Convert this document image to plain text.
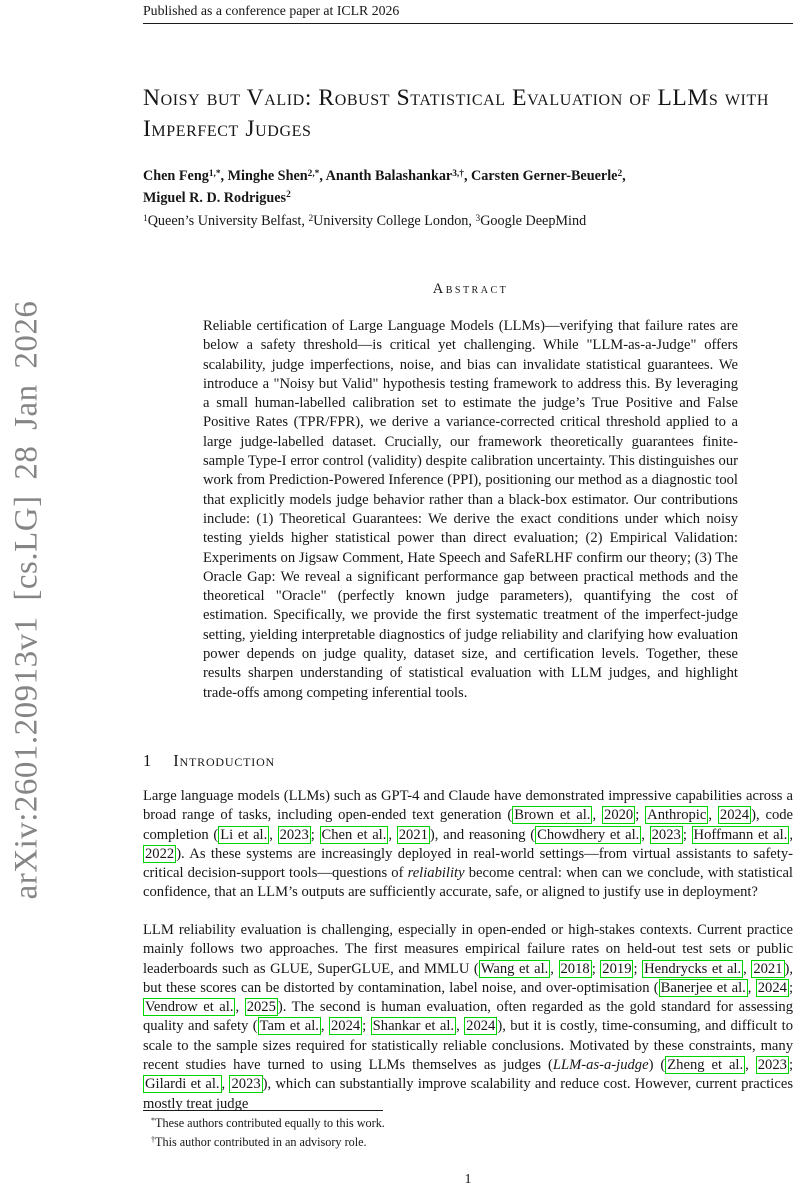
arXiv:2601.20913v1 [cs.LG] 28 Jan 2026
Published as a conference paper at ICLR 2026
Noisy but Valid: Robust Statistical Evaluation of LLMs with Imperfect Judges
Chen Feng$^{1,*}$, Minghe Shen$^{2,*}$, Ananth Balashankar$^{3,\dagger}$, Carsten Gerner-Beuerle$^2$,
Miguel R. D. Rodrigues$^2$
$^1$Queen’s University Belfast, $^2$University College London, $^3$Google DeepMind
Abstract
Reliable certification of Large Language Models (LLMs)—verifying that failure rates are below a safety threshold—is critical yet challenging. While "LLM-as-a-Judge" offers scalability, judge imperfections, noise, and bias can invalidate statistical guarantees. We introduce a "Noisy but Valid" hypothesis testing framework to address this. By leveraging a small human-labelled calibration set to estimate the judge’s True Positive and False Positive Rates (TPR/FPR), we derive a variance-corrected critical threshold applied to a large judge-labelled dataset. Crucially, our framework theoretically guarantees finite-sample Type-I error control (validity) despite calibration uncertainty. This distinguishes our work from Prediction-Powered Inference (PPI), positioning our method as a diagnostic tool that explicitly models judge behavior rather than a black-box estimator. Our contributions include: (1) Theoretical Guarantees: We derive the exact conditions under which noisy testing yields higher statistical power than direct evaluation; (2) Empirical Validation: Experiments on Jigsaw Comment, Hate Speech and SafeRLHF confirm our theory; (3) The Oracle Gap: We reveal a significant performance gap between practical methods and the theoretical "Oracle" (perfectly known judge parameters), quantifying the cost of estimation. Specifically, we provide the first systematic treatment of the imperfect-judge setting, yielding interpretable diagnostics of judge reliability and clarifying how evaluation power depends on judge quality, dataset size, and certification levels. Together, these results sharpen understanding of statistical evaluation with LLM judges, and highlight trade-offs among competing inferential tools.
1 Introduction

Large language models (LLMs) such as GPT-4 and Claude have demonstrated impressive capabilities across a broad range of tasks, including open-ended text generation ( Brown et al. , 2020 ; Anthropic , 2024 ), code completion ( Li et al. , 2023 ; Chen et al. , 2021 ), and reasoning ( Chowdhery et al. , 2023 ; Hoffmann et al. , 2022 ). As these systems are increasingly deployed in real-world settings—from virtual assistants to safety-critical decision-support tools—questions of reliability become central: when can we conclude, with statistical confidence, that an LLM’s outputs are sufficiently accurate, safe, or aligned to justify use in deployment?

LLM reliability evaluation is challenging, especially in open-ended or high-stakes contexts. Current practice mainly follows two approaches. The first measures empirical failure rates on held-out test sets or public leaderboards such as GLUE, SuperGLUE, and MMLU ( Wang et al. , 2018 ; 2019 ; Hendrycks et al. , 2021 ), but these scores can be distorted by contamination, label noise, and over-optimisation ( Banerjee et al. , 2024 ; Vendrow et al. , 2025 ). The second is human evaluation, often regarded as the gold standard for assessing quality and safety ( Tam et al. , 2024 ; Shankar et al. , 2024 ), but it is costly, time-consuming, and difficult to scale to the sample sizes required for statistically reliable conclusions. Motivated by these constraints, many recent studies have turned to using LLMs themselves as judges (LLM-as-a-judge) ( Zheng et al. , 2023 ; Gilardi et al. , 2023 ), which can substantially improve scalability and reduce cost. However, current practices mostly treat judge

*These authors contributed equally to this work.
†This author contributed in an advisory role.
1
